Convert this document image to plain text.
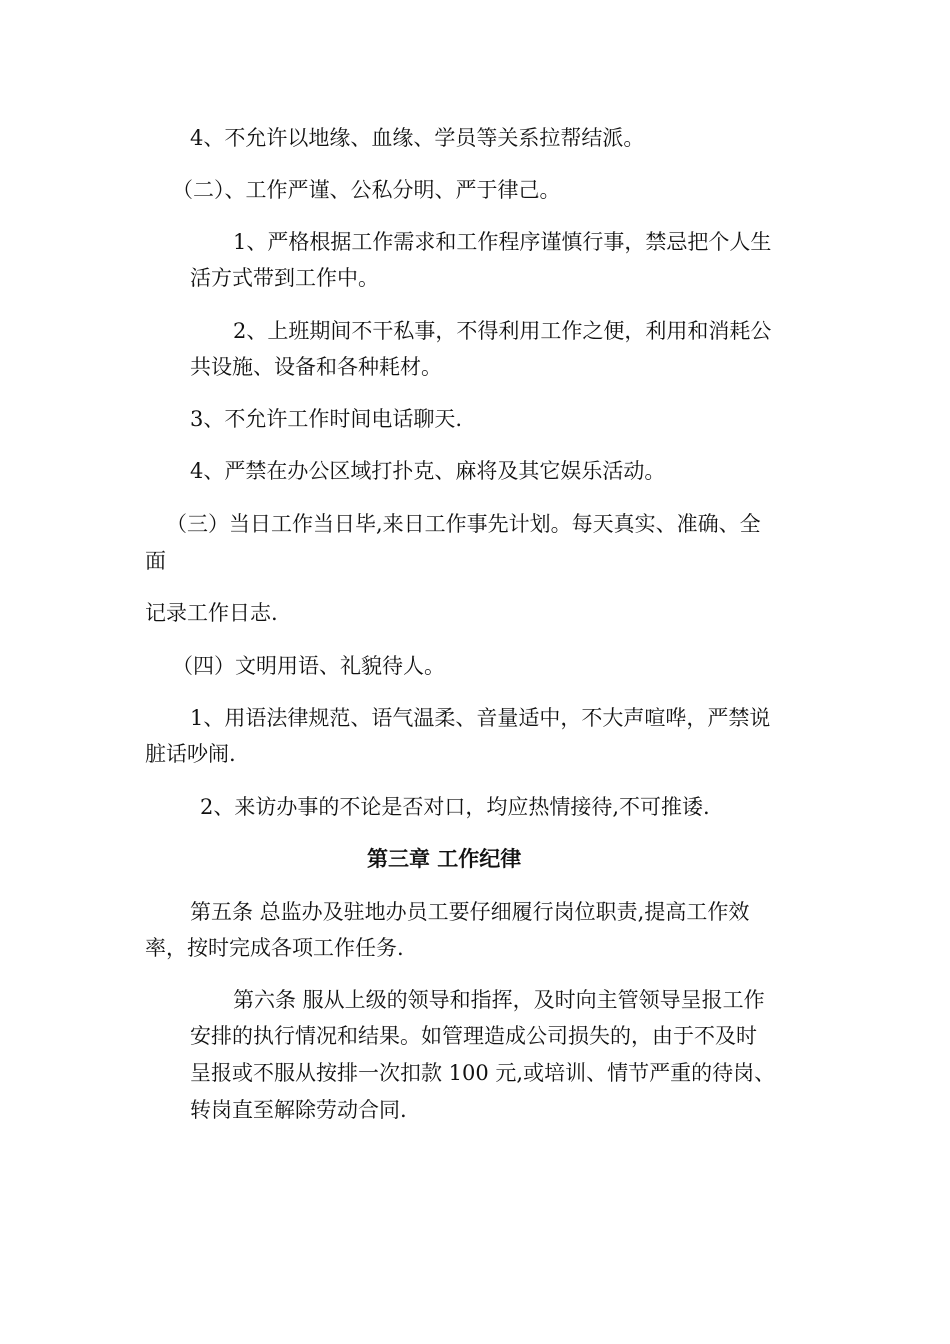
4、不允许以地缘、血缘、学员等关系拉帮结派。

（二）、工作严谨、公私分明、严于律己。

1、严格根据工作需求和工作程序谨慎行事，禁忌把个人生

活方式带到工作中。

2、上班期间不干私事，不得利用工作之便，利用和消耗公

共设施、设备和各种耗材。

3、不允许工作时间电话聊天.

4、严禁在办公区域打扑克、麻将及其它娱乐活动。

（三）当日工作当日毕,来日工作事先计划。每天真实、准确、全

面

记录工作日志.

（四）文明用语、礼貌待人。

1、用语法律规范、语气温柔、音量适中，不大声喧哗，严禁说

脏话吵闹.

2、来访办事的不论是否对口，均应热情接待,不可推诿.

第三章 工作纪律

第五条 总监办及驻地办员工要仔细履行岗位职责,提高工作效

率，按时完成各项工作任务.

第六条 服从上级的领导和指挥，及时向主管领导呈报工作

安排的执行情况和结果。如管理造成公司损失的，由于不及时

呈报或不服从按排一次扣款 100 元,或培训、情节严重的待岗、

转岗直至解除劳动合同.
